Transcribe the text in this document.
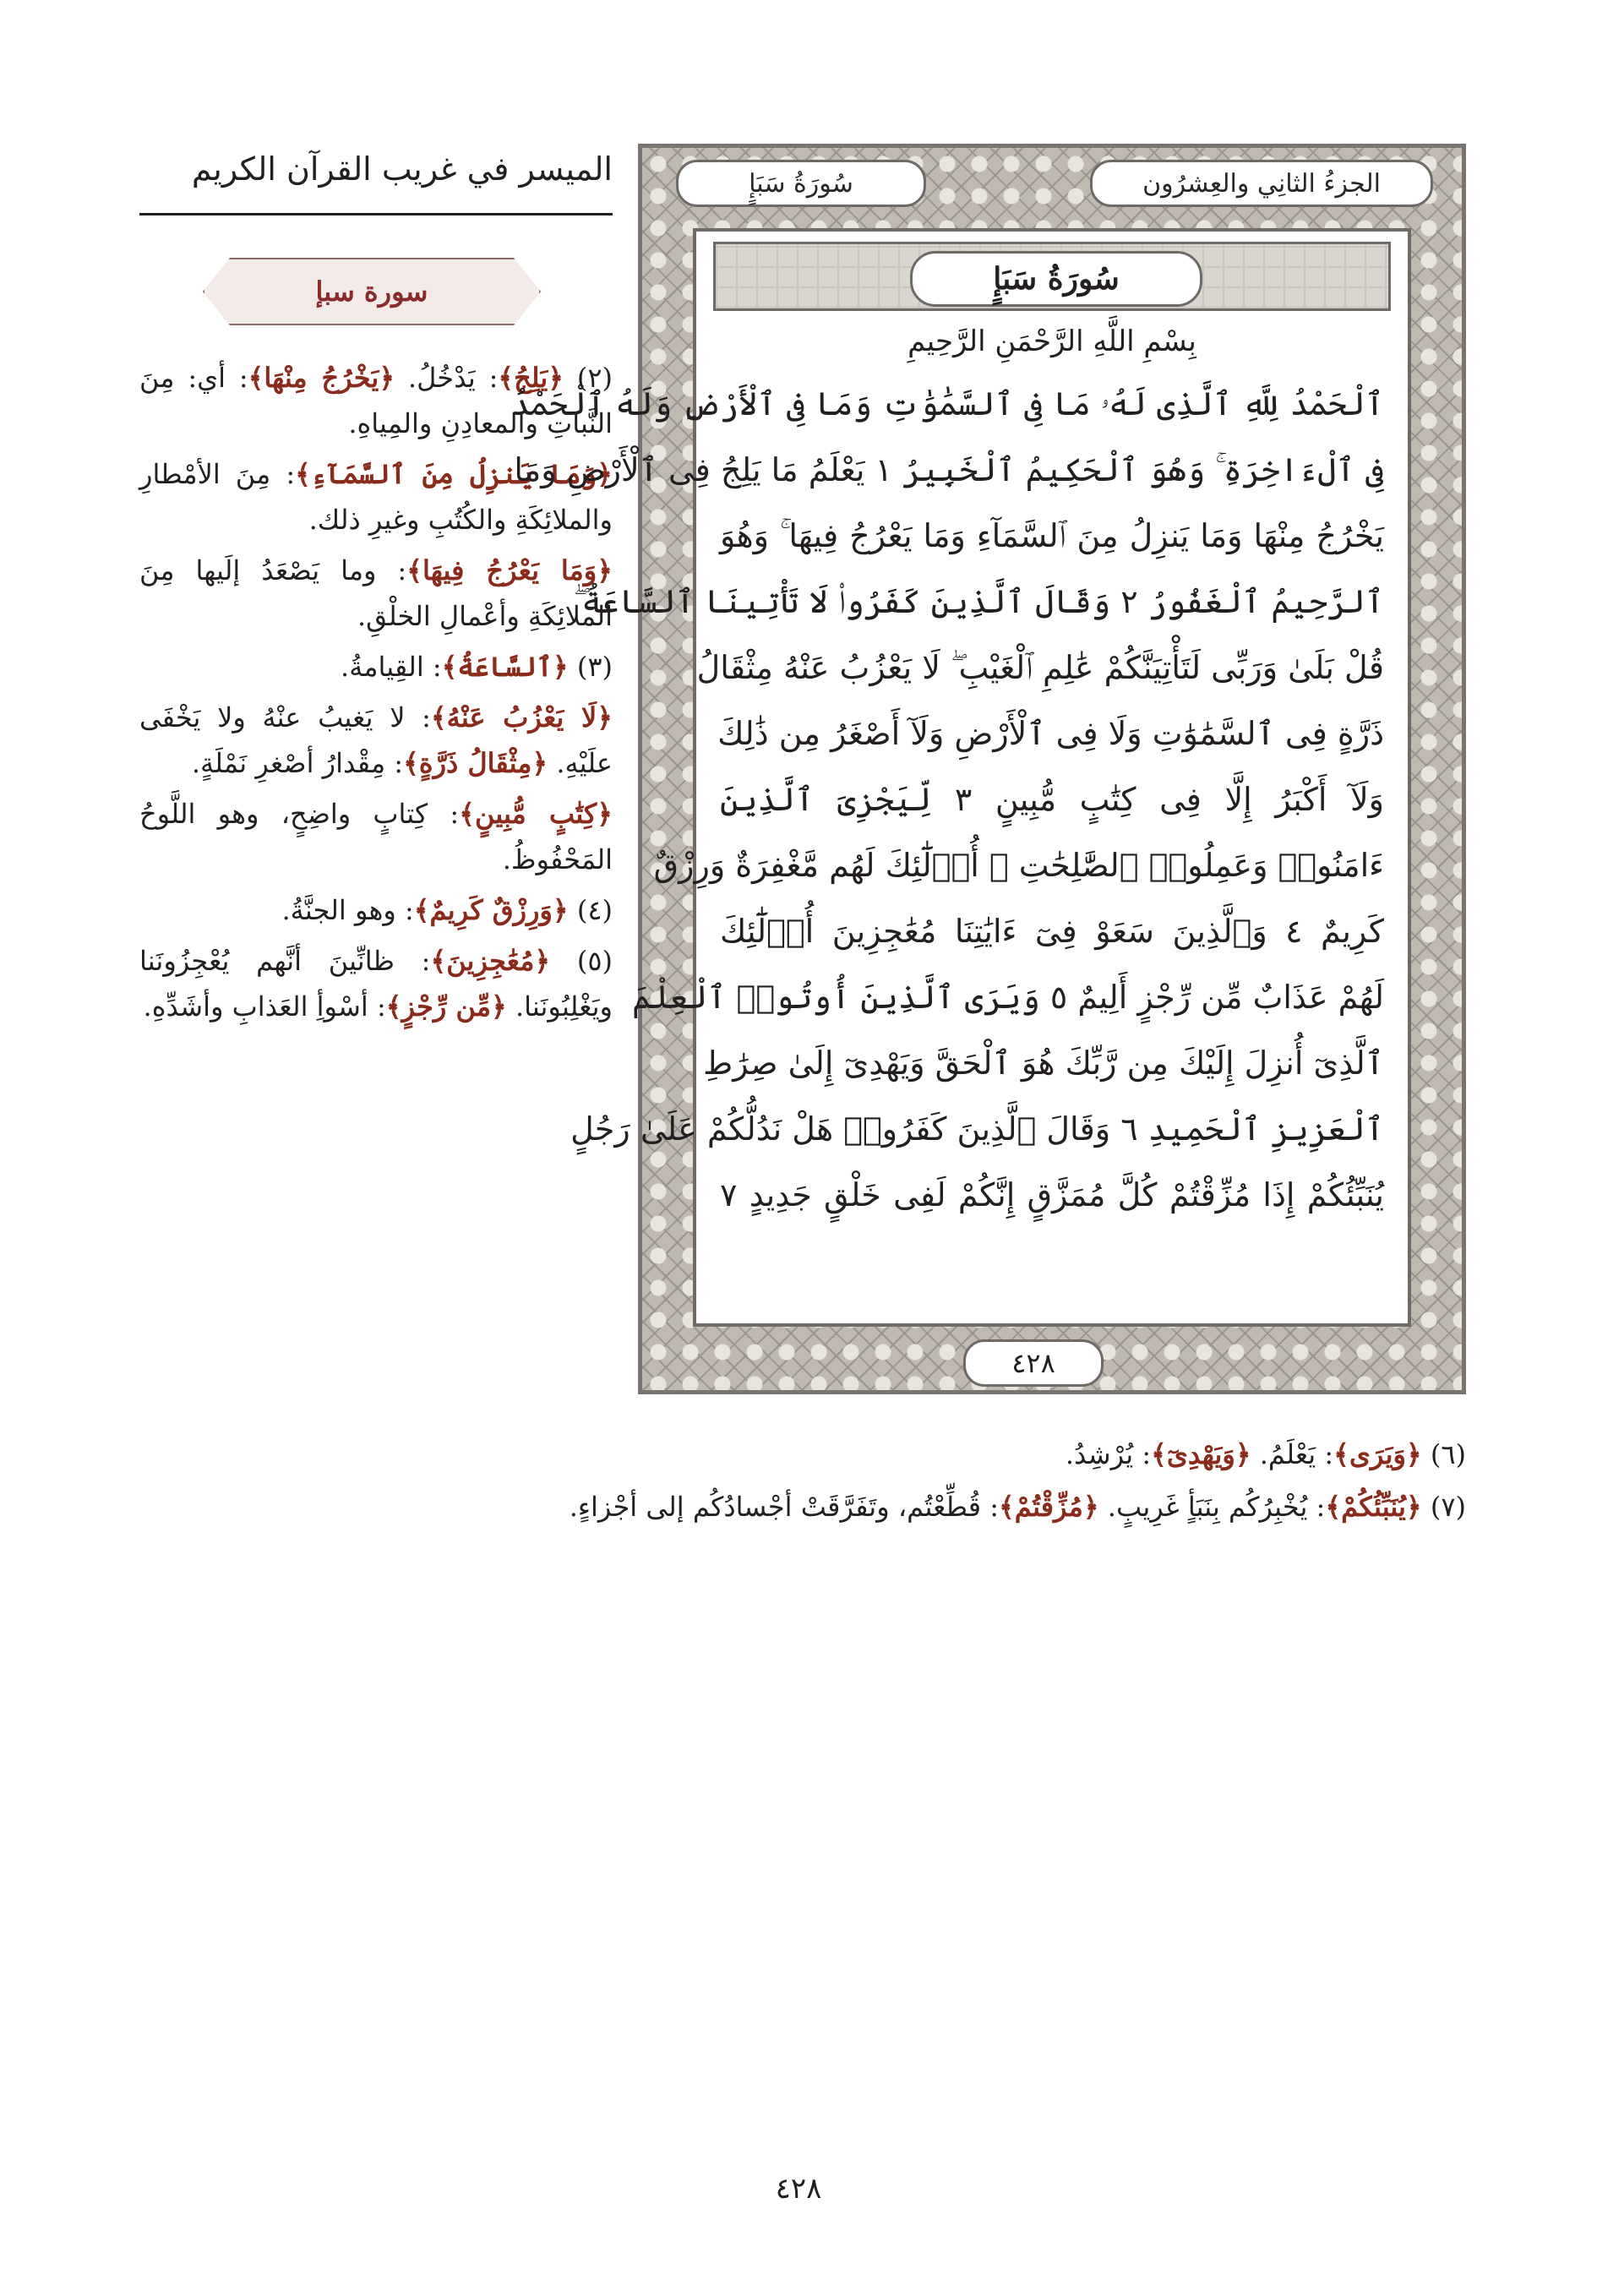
الميسر في غريب القرآن الكريم
سورة سبإ

(٢) ﴿يَلِجُ﴾: يَدْخُلُ. ﴿يَخْرُجُ مِنْهَا﴾: أي: مِنَ النَّباتِ والمعادِنِ والمِياهِ.

﴿وَمَا يَنزِلُ مِنَ ٱلسَّمَآءِ﴾: مِنَ الأمْطارِ والملائِكَةِ والكُتُبِ وغيرِ ذلك.

﴿وَمَا يَعْرُجُ فِيهَا﴾: وما يَصْعَدُ إلَيها مِنَ الملائِكَةِ وأعْمالِ الخلْقِ.

(٣) ﴿ٱلسَّاعَةُ﴾: القِيامةُ.

﴿لَا يَعْزُبُ عَنْهُ﴾: لا يَغيبُ عنْهُ ولا يَخْفَى علَيْهِ. ﴿مِثْقَالُ ذَرَّةٍ﴾: مِقْدارُ أصْغرِ نَمْلَةٍ.

﴿كِتَٰبٍ مُّبِينٍ﴾: كِتابٍ واضِحٍ، وهو اللَّوحُ المَحْفُوظُ.

(٤) ﴿وَرِزْقٌ كَرِيمٌ﴾: وهو الجنَّةُ.

(٥) ﴿مُعَٰجِزِينَ﴾: ظانِّينَ أنَّهم يُعْجِزُونَنا ويَغْلِبُونَنا. ﴿مِّن رِّجْزٍ﴾: أسْوأِ العَذابِ وأشَدِّهِ.

سُورَةُ سَبَإٍ	الجزءُ الثانِي والعِشرُون
سُورَةُ سَبَإٍ
بِسْمِ اللَّهِ الرَّحْمَنِ الرَّحِيمِ
ٱلْحَمْدُ لِلَّهِ ٱلَّذِى لَهُۥ مَا فِى ٱلسَّمَٰوَٰتِ وَمَا فِى ٱلْأَرْضِ وَلَهُ ٱلْحَمْدُ
فِى ٱلْءَاخِرَةِ ۚ وَهُوَ ٱلْحَكِيمُ ٱلْخَبِيرُ ١ يَعْلَمُ مَا يَلِجُ فِى ٱلْأَرْضِ وَمَا
يَخْرُجُ مِنْهَا وَمَا يَنزِلُ مِنَ ٱلسَّمَآءِ وَمَا يَعْرُجُ فِيهَا ۚ وَهُوَ
ٱلرَّحِيمُ ٱلْغَفُورُ ٢ وَقَالَ ٱلَّذِينَ كَفَرُوا۟ لَا تَأْتِينَا ٱلسَّاعَةُ ۖ
قُلْ بَلَىٰ وَرَبِّى لَتَأْتِيَنَّكُمْ عَٰلِمِ ٱلْغَيْبِ ۖ لَا يَعْزُبُ عَنْهُ مِثْقَالُ
ذَرَّةٍ فِى ٱلسَّمَٰوَٰتِ وَلَا فِى ٱلْأَرْضِ وَلَآ أَصْغَرُ مِن ذَٰلِكَ
وَلَآ أَكْبَرُ إِلَّا فِى كِتَٰبٍ مُّبِينٍ ٣ لِّيَجْزِىَ ٱلَّذِينَ
ءَامَنُوا۟ وَعَمِلُوا۟ ٱلصَّٰلِحَٰتِ ۚ أُو۟لَٰٓئِكَ لَهُم مَّغْفِرَةٌ وَرِزْقٌ
كَرِيمٌ ٤ وَٱلَّذِينَ سَعَوْ فِىٓ ءَايَٰتِنَا مُعَٰجِزِينَ أُو۟لَٰٓئِكَ
لَهُمْ عَذَابٌ مِّن رِّجْزٍ أَلِيمٌ ٥ وَيَرَى ٱلَّذِينَ أُوتُوا۟ ٱلْعِلْمَ
ٱلَّذِىٓ أُنزِلَ إِلَيْكَ مِن رَّبِّكَ هُوَ ٱلْحَقَّ وَيَهْدِىٓ إِلَىٰ صِرَٰطِ
ٱلْعَزِيزِ ٱلْحَمِيدِ ٦ وَقَالَ ٱلَّذِينَ كَفَرُوا۟ هَلْ نَدُلُّكُمْ عَلَىٰ رَجُلٍ
يُنَبِّئُكُمْ إِذَا مُزِّقْتُمْ كُلَّ مُمَزَّقٍ إِنَّكُمْ لَفِى خَلْقٍ جَدِيدٍ ٧
٤٢٨

(٦) ﴿وَيَرَى﴾: يَعْلَمُ. ﴿وَيَهْدِىٓ﴾: يُرْشِدُ.

(٧) ﴿يُنَبِّئُكُمْ﴾: يُخْبِرُكُم بِنَبَأٍ غَرِيبٍ. ﴿مُزِّقْتُمْ﴾: قُطِّعْتُم، وتَفَرَّقَتْ أجْسادُكُم إلى أجْزاءٍ.

٤٢٨
